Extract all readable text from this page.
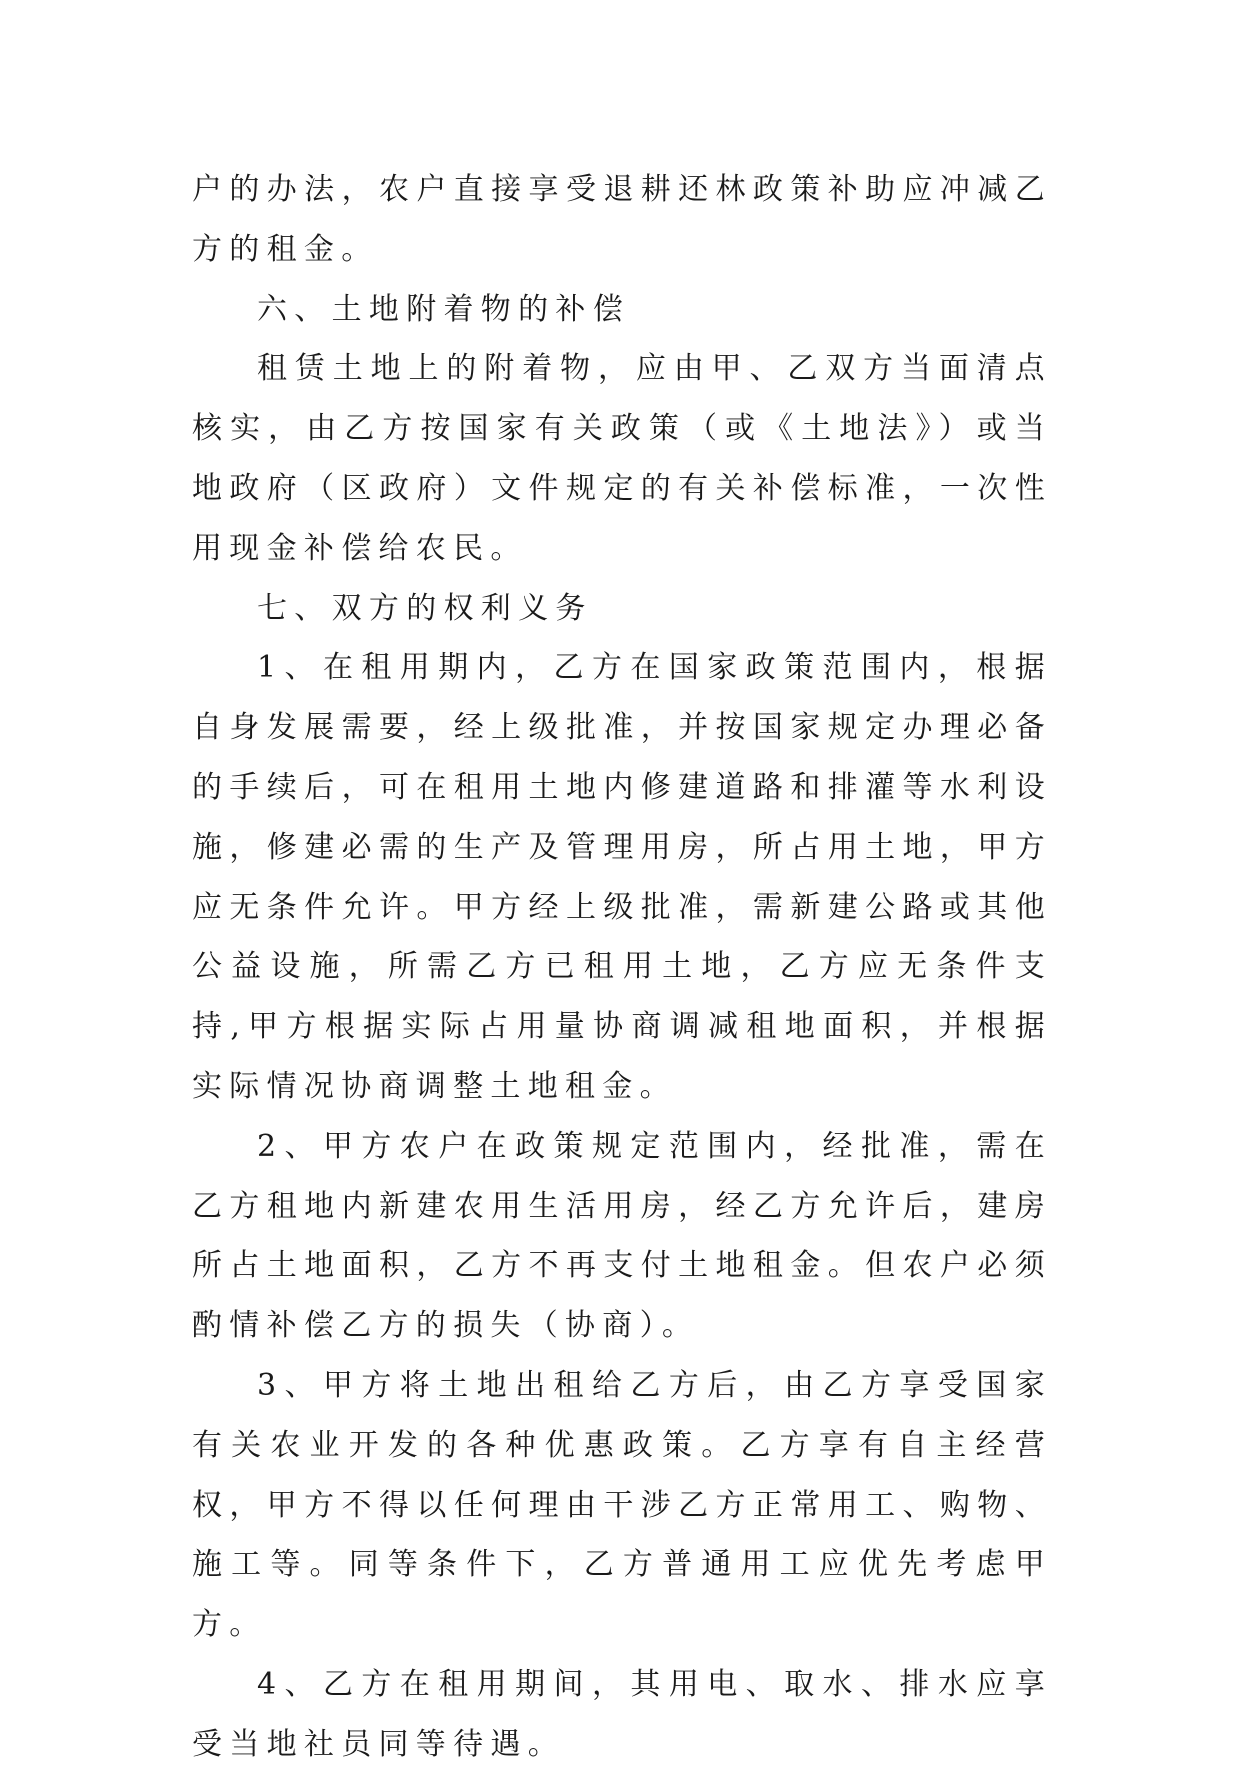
户的办法，农户直接享受退耕还林政策补助应冲减乙方的租金。

六、土地附着物的补偿

租赁土地上的附着物，应由甲、乙双方当面清点核实，由乙方按国家有关政策（或《土地法》）或当地政府（区政府）文件规定的有关补偿标准，一次性用现金补偿给农民。

七、双方的权利义务

1、在租用期内，乙方在国家政策范围内，根据自身发展需要，经上级批准，并按国家规定办理必备的手续后，可在租用土地内修建道路和排灌等水利设施，修建必需的生产及管理用房，所占用土地，甲方应无条件允许。甲方经上级批准，需新建公路或其他公益设施，所需乙方已租用土地，乙方应无条件支持,甲方根据实际占用量协商调减租地面积，并根据实际情况协商调整土地租金。

2、甲方农户在政策规定范围内，经批准，需在乙方租地内新建农用生活用房，经乙方允许后，建房所占土地面积，乙方不再支付土地租金。但农户必须酌情补偿乙方的损失（协商）。

3、甲方将土地出租给乙方后，由乙方享受国家有关农业开发的各种优惠政策。乙方享有自主经营权，甲方不得以任何理由干涉乙方正常用工、购物、施工等。同等条件下，乙方普通用工应优先考虑甲方。

4、乙方在租用期间，其用电、取水、排水应享受当地社员同等待遇。
